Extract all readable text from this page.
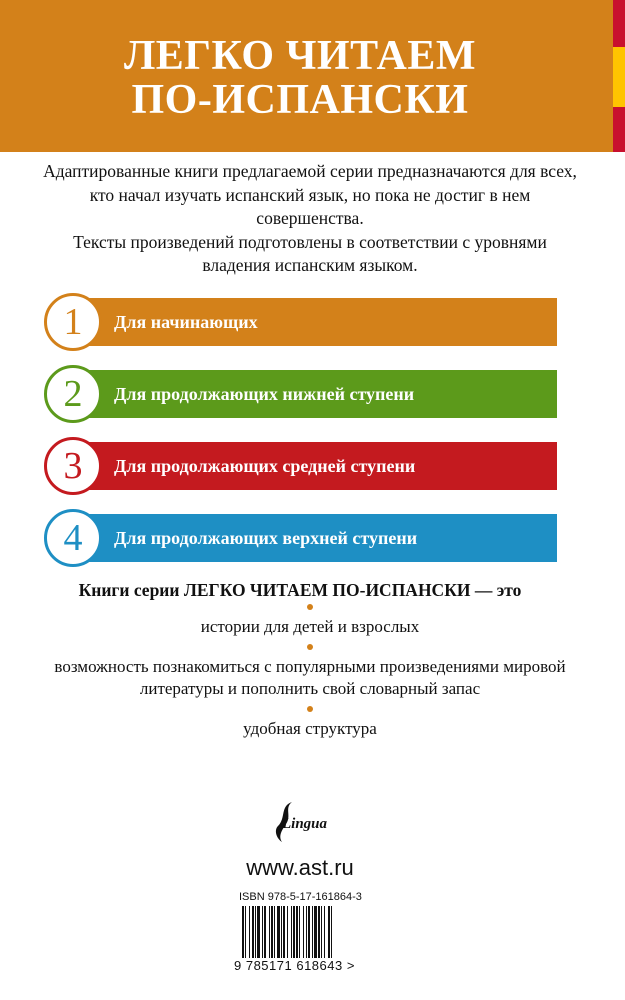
ЛЕГКО ЧИТАЕМ
ПО-ИСПАНСКИ
Адаптированные книги предлагаемой серии предназначаются для всех, кто начал изучать испанский язык, но пока не достиг в нем совершенства.
Тексты произведений подготовлены в соответствии с уровнями владения испанским языком.
Для начинающих
1
Для продолжающих нижней ступени
2
Для продолжающих средней ступени
3
Для продолжающих верхней ступени
4
Книги серии ЛЕГКО ЧИТАЕМ ПО-ИСПАНСКИ — это
истории для детей и взрослых
возможность познакомиться с популярными произведениями мировой литературы и пополнить свой словарный запас
удобная структура
Lingua
www.ast.ru
ISBN 978-5-17-161864-3
9 785171 618643 >
